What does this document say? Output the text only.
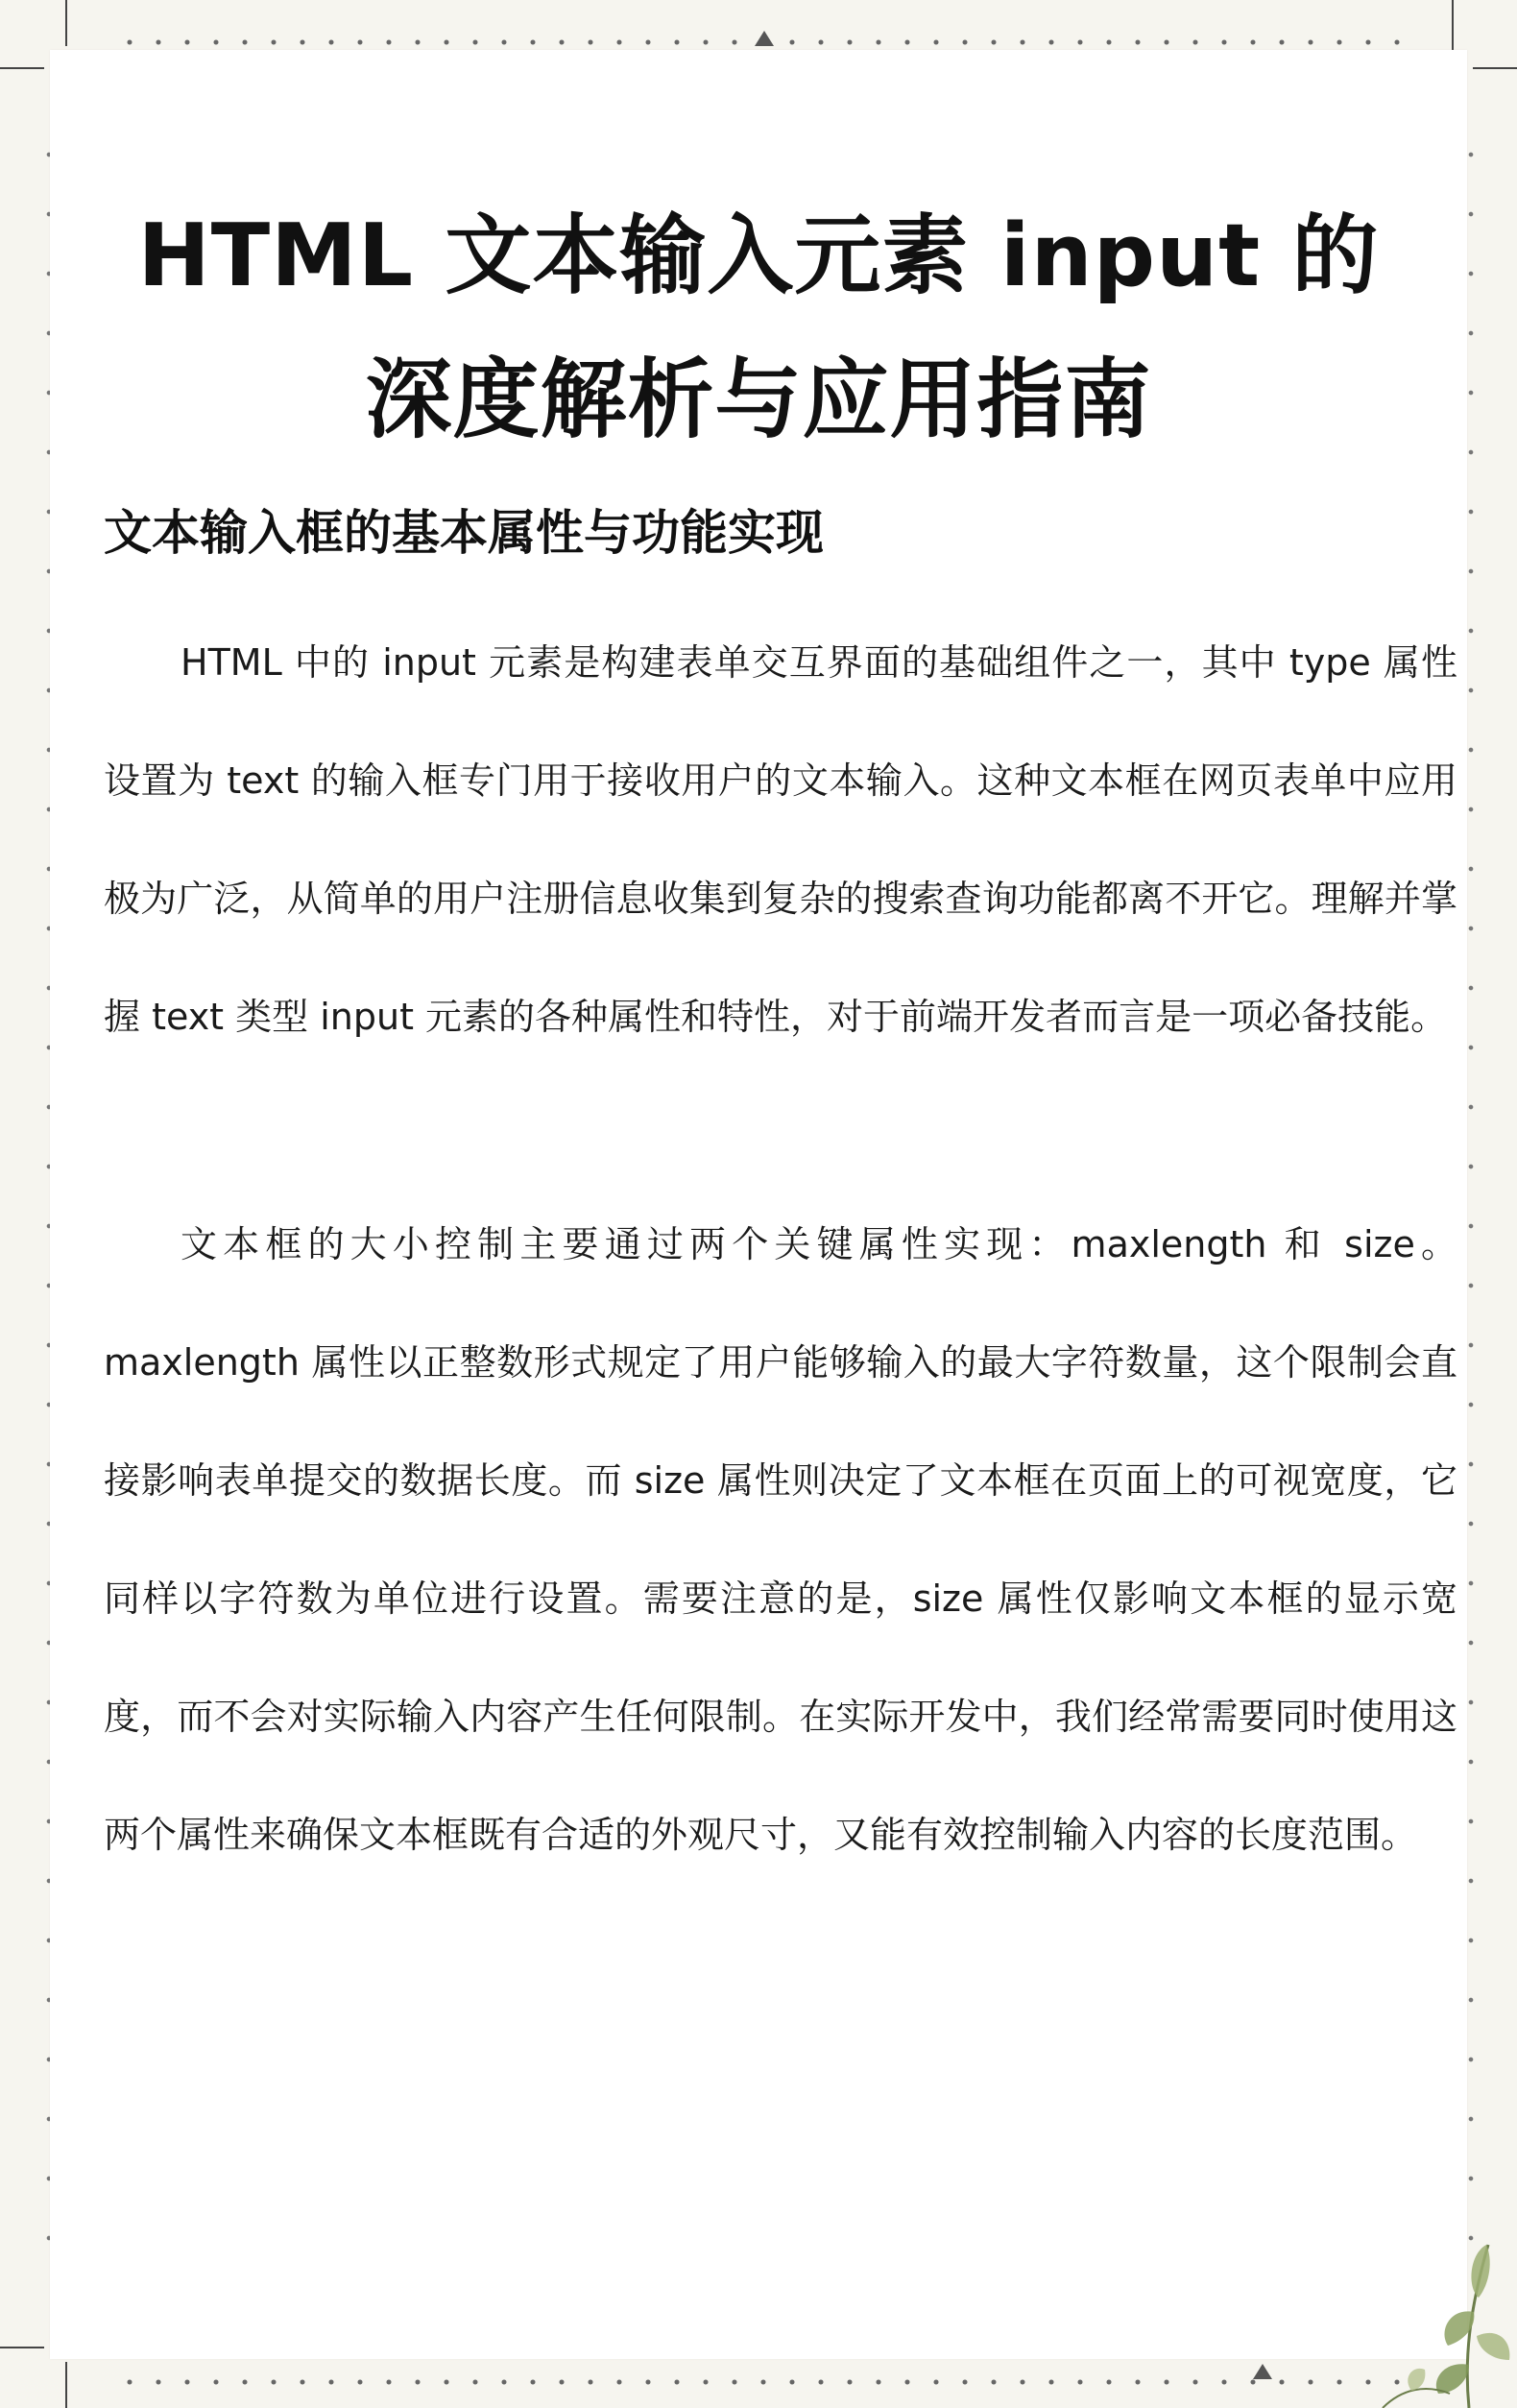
HTML 文本输入元素 input 的
深度解析与应用指南
文本输入框的基本属性与功能实现

HTML 中的 input 元素是构建表单交互界面的基础组件之一，其中 type 属性设置为 text 的输入框专门用于接收用户的文本输入。这种文本框在网页表单中应用极为广泛，从简单的用户注册信息收集到复杂的搜索查询功能都离不开它。理解并掌握 text 类型 input 元素的各种属性和特性，对于前端开发者而言是一项必备技能。

文本框的大小控制主要通过两个关键属性实现：maxlength 和 size。maxlength 属性以正整数形式规定了用户能够输入的最大字符数量，这个限制会直接影响表单提交的数据长度。而 size 属性则决定了文本框在页面上的可视宽度，它同样以字符数为单位进行设置。需要注意的是，size 属性仅影响文本框的显示宽度，而不会对实际输入内容产生任何限制。在实际开发中，我们经常需要同时使用这两个属性来确保文本框既有合适的外观尺寸，又能有效控制输入内容的长度范围。
